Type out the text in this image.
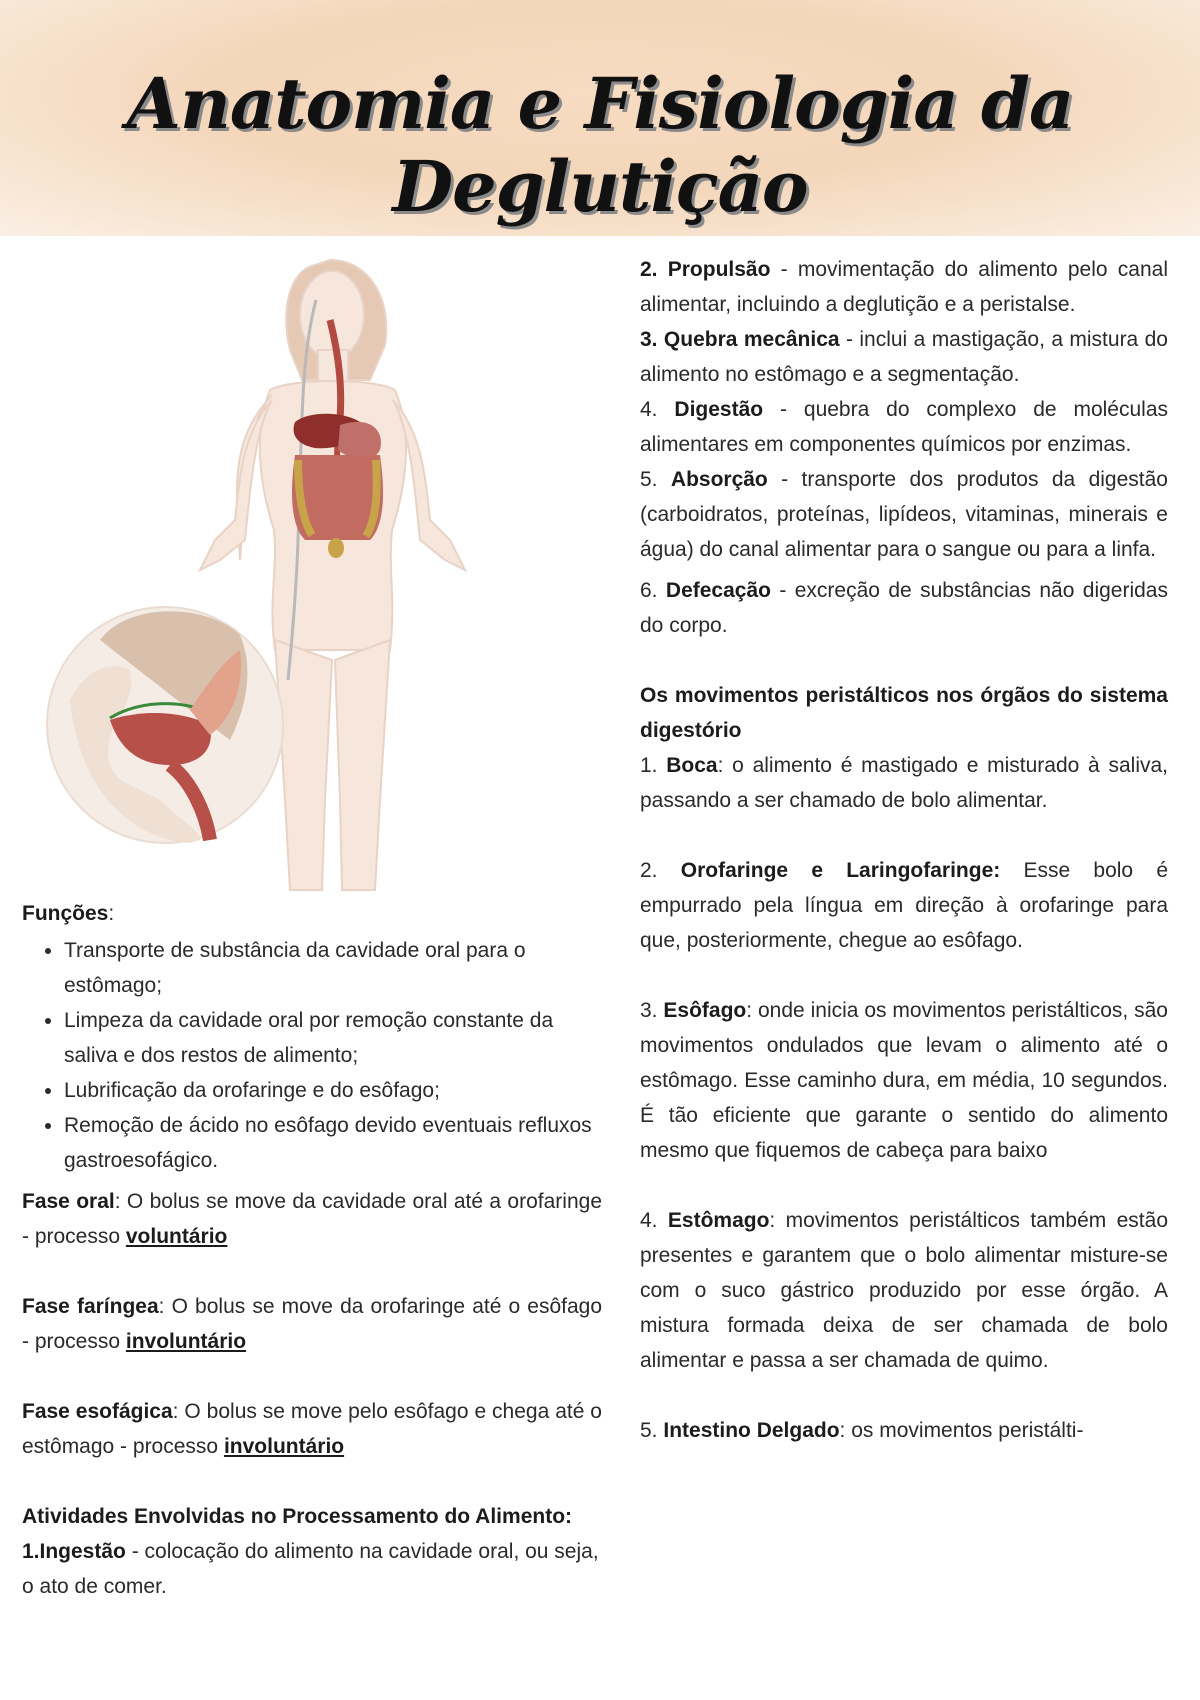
Anatomia e Fisiologia da Deglutição

Funções:

• Transporte de substância da cavidade oral para o estômago;
• Limpeza da cavidade oral por remoção constante da saliva e dos restos de alimento;
• Lubrificação da orofaringe e do esôfago;
• Remoção de ácido no esôfago devido eventuais refluxos gastroesofágico.

Fase oral: O bolus se move da cavidade oral até a orofaringe - processo voluntário

Fase faríngea: O bolus se move da orofaringe até o esôfago - processo involuntário

Fase esofágica: O bolus se move pelo esôfago e chega até o estômago - processo involuntário

Atividades Envolvidas no Processamento do Alimento:

1.Ingestão - colocação do alimento na cavidade oral, ou seja, o ato de comer.

2. Propulsão - movimentação do alimento pelo canal alimentar, incluindo a deglutição e a peristalse.

3. Quebra mecânica - inclui a mastigação, a mistura do alimento no estômago e a segmentação.

4. Digestão - quebra do complexo de moléculas alimentares em componentes químicos por enzimas.

5. Absorção - transporte dos produtos da digestão (carboidratos, proteínas, lipídeos, vitaminas, minerais e água) do canal alimentar para o sangue ou para a linfa.

6. Defecação - excreção de substâncias não digeridas do corpo.

Os movimentos peristálticos nos órgãos do sistema digestório

1. Boca: o alimento é mastigado e misturado à saliva, passando a ser chamado de bolo alimentar.

2. Orofaringe e Laringofaringe: Esse bolo é empurrado pela língua em direção à orofaringe para que, posteriormente, chegue ao esôfago.

3. Esôfago: onde inicia os movimentos peristálticos, são movimentos ondulados que levam o alimento até o estômago. Esse caminho dura, em média, 10 segundos. É tão eficiente que garante o sentido do alimento mesmo que fiquemos de cabeça para baixo

4. Estômago: movimentos peristálticos também estão presentes e garantem que o bolo alimentar misture-se com o suco gástrico produzido por esse órgão. A mistura formada deixa de ser chamada de bolo alimentar e passa a ser chamada de quimo.

5. Intestino Delgado: os movimentos peristálti-
